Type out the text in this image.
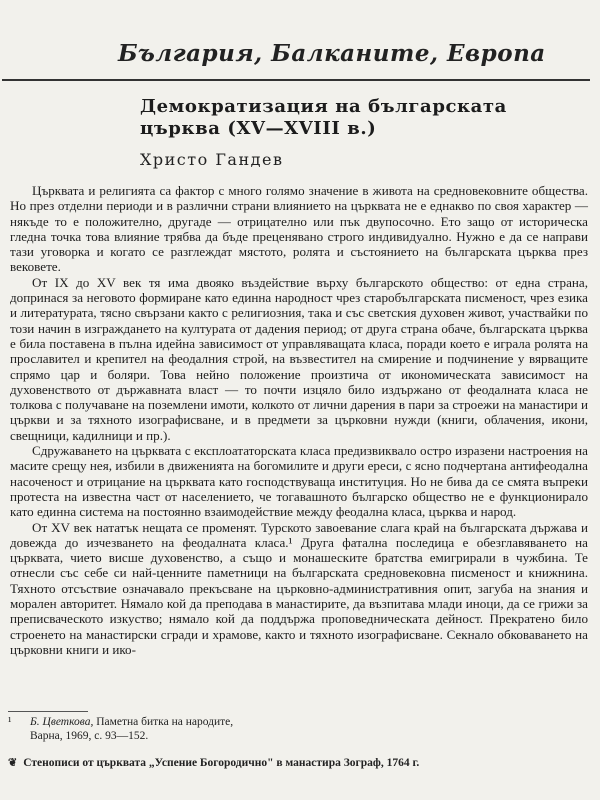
България, Балканите, Европа
Демократизация на българската църква (XV—XVIII в.)
Христо Гандев

Църквата и религията са фактор с много голямо значение в живота на средновековните общества. Но през отделни периоди и в различни страни влиянието на църквата не е еднакво по своя характер — някъде то е положително, другаде — отрицателно или пък двупосочно. Ето защо от историческа гледна точка това влияние трябва да бъде преценявано строго индивидуално. Нужно е да се направи тази уговорка и когато се разглеждат мястото, ролята и състоянието на българската църква през вековете.

От IX до XV век тя има двояко въздействие върху българското общество: от една страна, допринася за неговото формиране като единна народност чрез старобългарската писменост, чрез езика и литературата, тясно свързани както с религиозния, така и със светския духовен живот, участвайки по този начин в изграждането на културата от дадения период; от друга страна обаче, българската църква е била поставена в пълна идейна зависимост от управляващата класа, поради което е играла ролята на прославител и крепител на феодалния строй, на възвестител на смирение и подчинение у вярващите спрямо цар и боляри. Това нейно положение произтича от икономическата зависимост на духовенството от държавната власт — то почти изцяло било издържано от феодалната класа не толкова с получаване на поземлени имоти, колкото от лични дарения в пари за строежи на манастири и църкви и за тяхното изографисване, и в предмети за църковни нужди (книги, облачения, икони, свещници, кадилници и пр.).

Сдружаването на църквата с експлоататорската класа предизвиквало остро изразени настроения на масите срещу нея, избили в движенията на богомилите и други ереси, с ясно подчертана антифеодална насоченост и отрицание на църквата като господствуваща институция. Но не бива да се смята въпреки протеста на известна част от населението, че тогавашното българско общество не е функционирало като единна система на постоянно взаимодействие между феодална класа, църква и народ.

От XV век нататък нещата се променят. Турското завоевание слага край на българската държава и довежда до изчезването на феодалната класа.¹ Друга фатална последица е обезглавяването на църквата, чието висше духовенство, а също и монашеските братства емигрирали в чужбина. Те отнесли със себе си най-ценните паметници на българската средновековна писменост и книжнина. Тяхното отсъствие означавало прекъсване на църковно-административния опит, загуба на знания и морален авторитет. Нямало кой да преподава в манастирите, да възпитава млади иноци, да се грижи за преписваческото изкуство; нямало кой да поддържа проповедническата дейност. Прекратено било строенето на манастирски сгради и храмове, както и тяхното изографисване. Секнало обковаването на църковни книги и ико-

¹ Б. Цветкова, Паметна битка на народите,
Варна, 1969, с. 93—152.
❦ Стенописи от църквата „Успение Богородично" в манастира Зограф, 1764 г.
